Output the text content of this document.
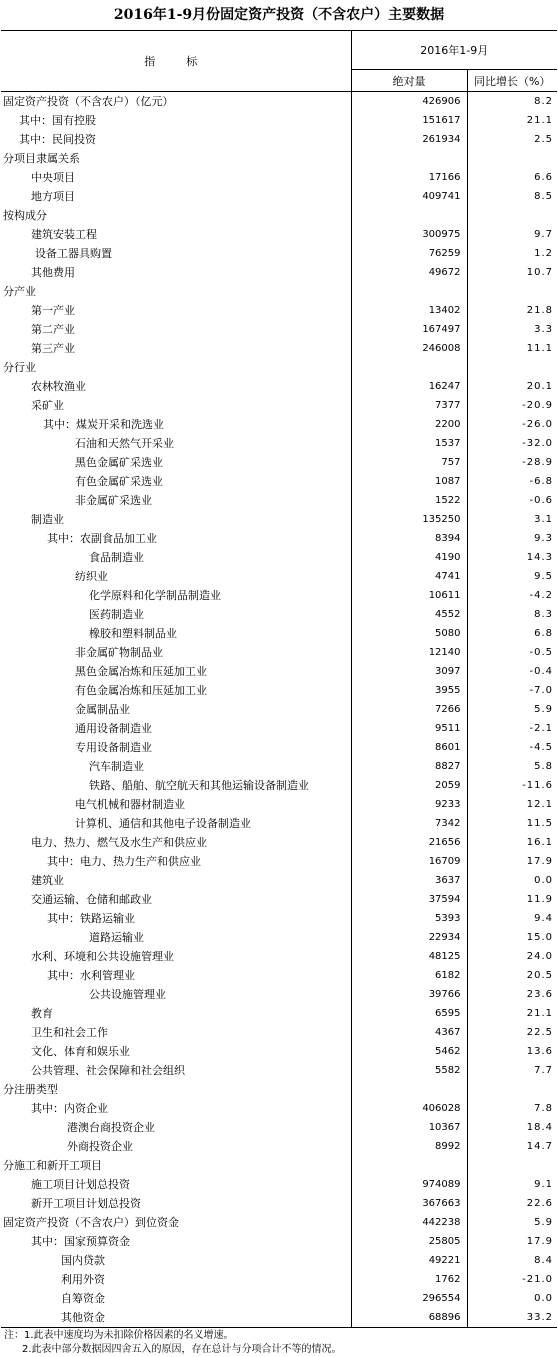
2016年1-9月份固定资产投资（不含农户）主要数据
指　标	2016年1-9月	
	绝对量	同比增长（%）
固定资产投资（不含农户）（亿元）	426906	8.2
其中：国有控股	151617	21.1
其中：民间投资	261934	2.5
分项目隶属关系		
中央项目	17166	6.6
地方项目	409741	8.5
按构成分		
建筑安装工程	300975	9.7
设备工器具购置	76259	1.2
其他费用	49672	10.7
分产业		
第一产业	13402	21.8
第二产业	167497	3.3
第三产业	246008	11.1
分行业		
农林牧渔业	16247	20.1
采矿业	7377	-20.9
其中：煤炭开采和洗选业	2200	-26.0
石油和天然气开采业	1537	-32.0
黑色金属矿采选业	757	-28.9
有色金属矿采选业	1087	-6.8
非金属矿采选业	1522	-0.6
制造业	135250	3.1
其中：农副食品加工业	8394	9.3
食品制造业	4190	14.3
纺织业	4741	9.5
化学原料和化学制品制造业	10611	-4.2
医药制造业	4552	8.3
橡胶和塑料制品业	5080	6.8
非金属矿物制品业	12140	-0.5
黑色金属冶炼和压延加工业	3097	-0.4
有色金属冶炼和压延加工业	3955	-7.0
金属制品业	7266	5.9
通用设备制造业	9511	-2.1
专用设备制造业	8601	-4.5
汽车制造业	8827	5.8
铁路、船舶、航空航天和其他运输设备制造业	2059	-11.6
电气机械和器材制造业	9233	12.1
计算机、通信和其他电子设备制造业	7342	11.5
电力、热力、燃气及水生产和供应业	21656	16.1
其中：电力、热力生产和供应业	16709	17.9
建筑业	3637	0.0
交通运输、仓储和邮政业	37594	11.9
其中：铁路运输业	5393	9.4
道路运输业	22934	15.0
水利、环境和公共设施管理业	48125	24.0
其中：水利管理业	6182	20.5
公共设施管理业	39766	23.6
教育	6595	21.1
卫生和社会工作	4367	22.5
文化、体育和娱乐业	5462	13.6
公共管理、社会保障和社会组织	5582	7.7
分注册类型		
其中：内资企业	406028	7.8
港澳台商投资企业	10367	18.4
外商投资企业	8992	14.7
分施工和新开工项目		
施工项目计划总投资	974089	9.1
新开工项目计划总投资	367663	22.6
固定资产投资（不含农户）到位资金	442238	5.9
其中：国家预算资金	25805	17.9
国内贷款	49221	8.4
利用外资	1762	-21.0
自筹资金	296554	0.0
其他资金	68896	33.2
注：1.此表中速度均为未扣除价格因素的名义增速。
2.此表中部分数据因四舍五入的原因，存在总计与分项合计不等的情况。
